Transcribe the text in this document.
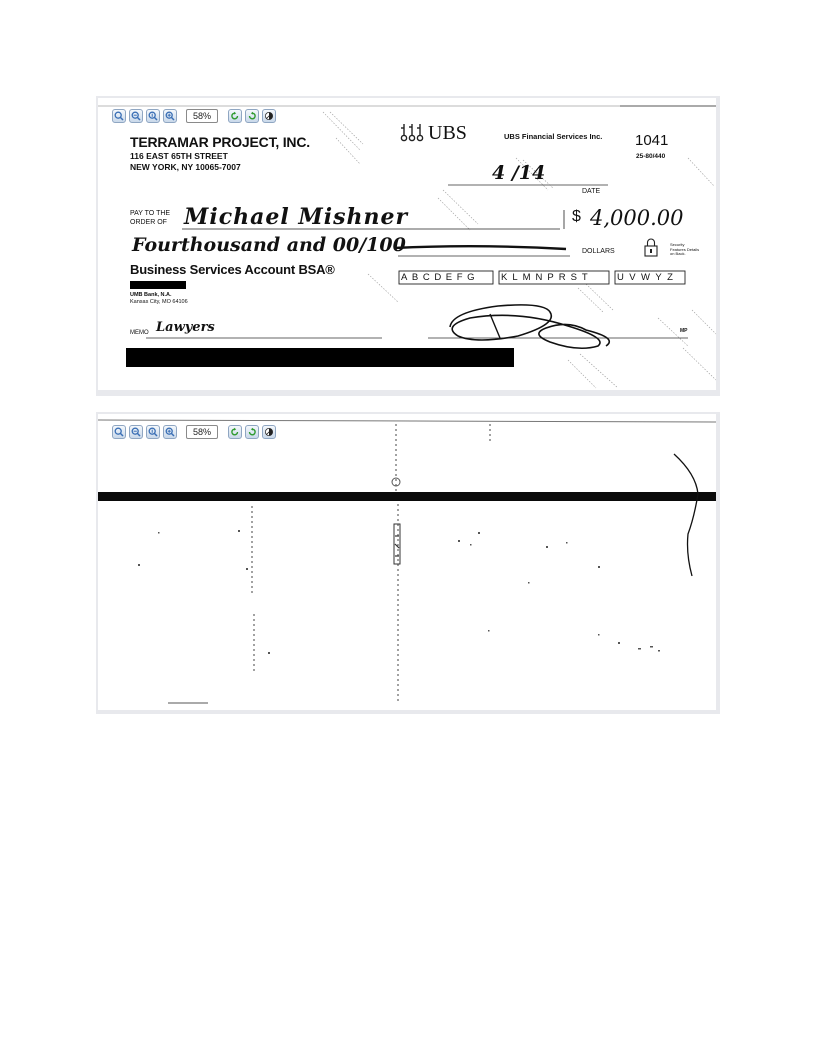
58%
TERRAMAR PROJECT, INC.
116 EAST 65TH STREET
NEW YORK, NY 10065-7007
UBS	UBS Financial Services Inc. 1041
25-80/440
4 /14
DATE
PAY TO THE
ORDER OF Michael Mishner	$ 4,000.00
Fourthousand and 00/100	DOLLARS
Security Features Details on Back.
Business Services Account BSA®
ABCDEFG KLMNPRST	UVWYZ
UMB Bank, N.A.
Kansas City, MO 64106
MEMO Lawyers	MP
58%
